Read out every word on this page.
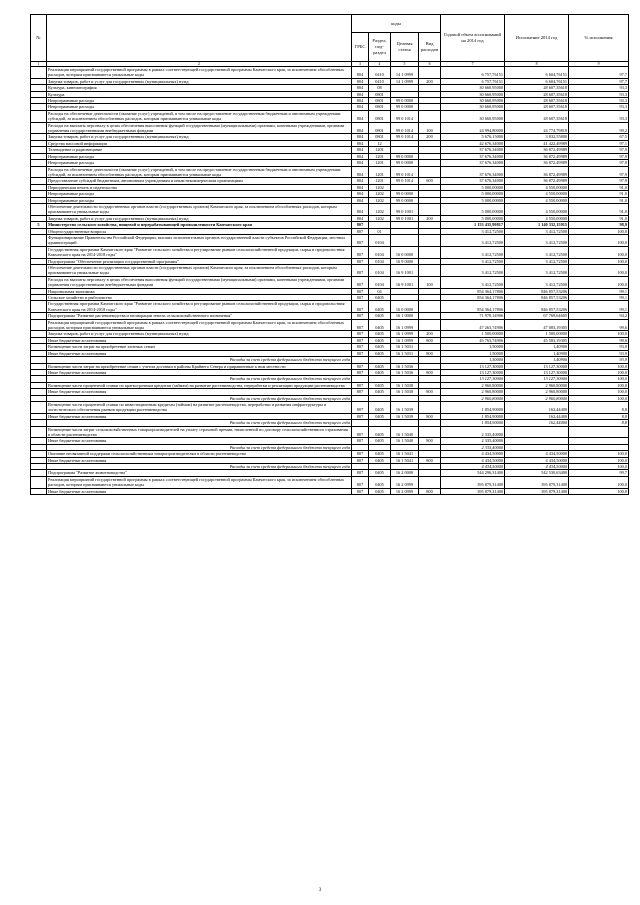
№		коды				Годовой объем ассигнований на 2014 год	Исполнение 2014 год	% исполнения
		ГРБС	Раздел, под-раздел	Целевая статья	Вид расходов			
1	2	3	4	5	6	7	8	9
	Реализация мероприятий государственной программы в рамках соответствующей государственной программы Камчатского края, за исключением обособленных расходов, которым присваиваются уникальные коды	804	0410	14 1 0999		6 757,76151	6 604,76151	97,7
	Закупка товаров, работ и услуг для государственных (муниципальных) нужд	804	0410	14 1 0999	200	6 757,76151	6 604,76151	97,7
	Культура, кинематография	804	08			30 660,95000	28 607,35618	93,3
	Культура	804	0801			30 660,95000	28 607,35618	93,3
	Непрограммные расходы	804	0801	99 0 0000		30 660,95000	28 607,35618	93,3
	Непрограммные расходы	804	0801	99 0 0000		30 660,95000	28 607,35618	93,3
	Расходы на обеспечение деятельности (оказание услуг) учреждений, в том числе на предоставление государственным бюджетным и автономным учреждениям субсидий, за исключением обособленных расходов, которым присваиваются уникальные коды	804	0801	99 0 1014		30 660,95000	28 607,35618	93,3
	Расходы на выплаты персоналу в целях обеспечения выполнения функций государственными (муниципальными) органами, казенными учреждениями, органами управления государственными внебюджетными фондами	804	0801	99 0 1014	100	24 994,80000	24 774,79818	99,2
	Закупка товаров, работ и услуг для государственных (муниципальных) нужд	804	0801	99 0 1014	200	5 676,15000	3 832,55800	67,5
	Средства массовой информации	804	12			42 676,34000	41 422,49989	97,1
	Телевидение и радиовещание	804	1201			37 676,34000	36 872,49989	97,9
	Непрограммные расходы	804	1201	99 0 0000		37 676,34000	36 872,49989	97,9
	Непрограммные расходы	804	1201	99 0 0000		37 676,34000	36 872,49989	97,9
	Расходы на обеспечение деятельности (оказание услуг) учреждений, в том числе на предоставление государственным бюджетным и автономным учреждениям субсидий, за исключением обособленных расходов, которым присваиваются уникальные коды	804	1201	99 0 1014		37 676,34000	36 872,49989	97,9
	Предоставление субсидий бюджетным, автономным учреждениям и иным некоммерческим организациям	804	1201	99 0 1014	600	37 676,34000	36 872,49989	97,9
	Периодическая печать и издательства	804	1202			5 000,00000	4 550,00000	91,0
	Непрограммные расходы	804	1202	99 0 0000		5 000,00000	4 550,00000	91,0
	Непрограммные расходы	804	1202	99 0 0000		5 000,00000	4 550,00000	91,0
	Обеспечение деятельности государственных органов власти (государственных органов) Камчатского края, за исключением обособленных расходов, которым присваиваются уникальные коды	804	1202	99 0 1001		5 000,00000	4 550,00000	91,0
	Закупка товаров, работ и услуг для государственных (муниципальных) нужд	804	1202	99 0 1001	200	5 000,00000	4 550,00000	91,0
5	Министерство сельского хозяйства, пищевой и перерабатывающей промышленности Камчатского края	807				1 153 435,99817	1 140 332,15915	98,9
	Общегосударственные вопросы	807	01			3 412,72500	3 412,72500	100,0
	Функционирование Правительства Российской Федерации, высших исполнительных органов государственной власти субъектов Российской Федерации, местных администраций	807	0104			3 412,72500	3 412,72500	100,0
	Государственная программа Камчатского края "Развитие сельского хозяйства и регулирование рынков сельскохозяйственной продукции, сырья и продовольствия Камчатского края на 2014-2018 годы"	807	0104	16 0 0000		3 412,72500	3 412,72500	100,0
	Подпрограмма "Обеспечение реализации государственной программы"	807	0104	16 9 0000		3 412,72500	3 412,72500	100,0
	Обеспечение деятельности государственных органов власти (государственных органов) Камчатского края, за исключением обособленных расходов, которым присваиваются уникальные коды	807	0104	16 9 1001		3 412,72500	3 412,72500	100,0
	Расходы на выплаты персоналу в целях обеспечения выполнения функций государственными (муниципальными) органами, казенными учреждениями, органами управления государственными внебюджетными фондами	807	0104	16 9 1001	100	3 412,72500	3 412,72500	100,0
	Национальная экономика	807	04			854 364,17806	846 857,53206	99,1
	Сельское хозяйство и рыболовство	807	0405			854 364,17806	846 857,53206	99,1
	Государственная программа Камчатского края "Развитие сельского хозяйства и регулирование рынков сельскохозяйственной продукции, сырья и продовольствия Камчатского края на 2014-2018 годы"	807	0405	16 0 0000		854 364,17806	846 857,53206	99,1
	Подпрограмма "Развитие растениеводства и мелиорации земель сельскохозяйственного назначения"	807	0405	16 1 0000		71 978,14906	67 769,64605	94,2
	Реализация мероприятий государственной программы в рамках соответствующей государственной программы Камчатского края, за исключением обособленных расходов, которым присваиваются уникальные коды	807	0405	16 1 0999		47 263,74906	47 083,19305	99,6
	Закупка товаров, работ и услуг для государственных (муниципальных) нужд	807	0405	16 1 0999	200	1 500,00000	1 500,00000	100,0
	Иные бюджетные ассигнования	807	0405	16 1 0999	800	45 763,74906	45 583,19305	99,6
	Возмещение части затрат на приобретение элитных семян	807	0405	16 1 5031		1,50000	1,40900	93,9
	Иные бюджетные ассигнования	807	0405	16 1 5031	800	1,50000	1,40900	93,9
	Расходы за счет средств федерального бюджета текущего года					1,50000	1,40900	93,9
	Возмещение части затрат на приобретение семян с учетом доставки в районы Крайнего Севера и приравненные к ним местности	807	0405	16 1 5036		13 127,30000	13 127,30000	100,0
	Иные бюджетные ассигнования	807	0405	16 1 5036	800	13 127,30000	13 127,30000	100,0
	Расходы за счет средств федерального бюджета текущего года					13 127,30000	13 127,30000	100,0
	Возмещение части процентной ставки по краткосрочным кредитам (займам) на развитие растениеводства, переработки и реализации продукции растениеводства	807	0405	16 1 5038		2 960,80000	2 960,80000	100,0
	Иные бюджетные ассигнования	807	0405	16 1 5038	800	2 960,80000	2 960,80000	100,0
	Расходы за счет средств федерального бюджета текущего года					2 960,80000	2 960,80000	100,0
	Возмещение части процентной ставки по инвестиционным кредитам (займам) на развитие растениеводства, переработки и развития инфраструктуры и логистического обеспечения рынков продукции растениеводства	807	0405	16 1 5039		1 854,90000	162,44400	8,8
	Иные бюджетные ассигнования	807	0405	16 1 5039	800	1 854,90000	162,44400	8,8
	Расходы за счет средств федерального бюджета текущего года					1 854,90000	162,44400	8,8
	Возмещение части затрат сельскохозяйственных товаропроизводителей на уплату страховой премии, начисленной по договору сельскохозяйственного страхования в области растениеводства	807	0405	16 1 5040		2 335,40000		
	Иные бюджетные ассигнования	807	0405	16 1 5040	800	2 335,40000		
	Расходы за счет средств федерального бюджета текущего года					2 335,40000		
	Оказание несвязанной поддержки сельскохозяйственным товаропроизводителям в области растениеводства	807	0405	16 1 5041		4 434,50000	4 434,50000	100,0
	Иные бюджетные ассигнования	807	0405	16 1 5041	800	4 434,50000	4 434,50000	100,0
	Расходы за счет средств федерального бюджета текущего года					4 434,50000	4 434,50000	100,0
	Подпрограмма "Развитие животноводства"	807	0405	16 2 0000		544 296,31400	542 530,63400	99,7
	Реализация мероприятий государственной программы в рамках соответствующей государственной программы Камчатского края, за исключением обособленных расходов, которым присваиваются уникальные коды	807	0405	16 2 0999		395 879,31400	395 879,31400	100,0
	Иные бюджетные ассигнования	807	0405	16 2 0999	800	395 879,31400	395 879,31400	100,0
3
